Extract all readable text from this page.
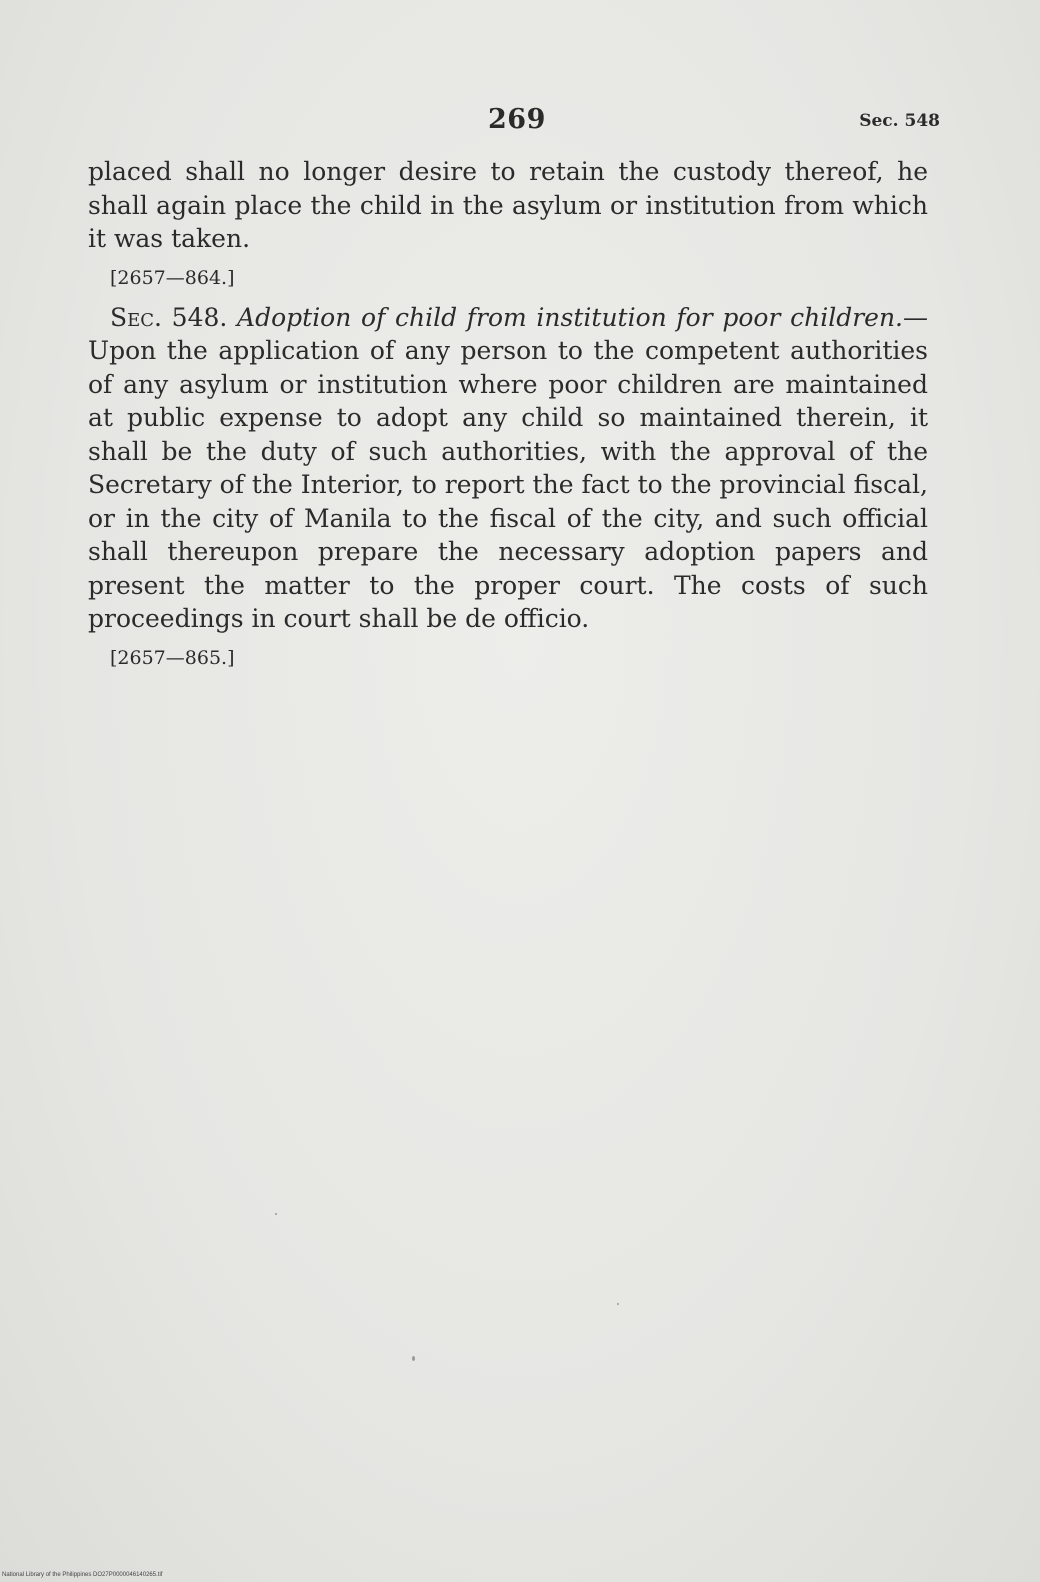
269	Sec. 548

placed shall no longer desire to retain the custody thereof, he shall again place the child in the asylum or institution from which it was taken.

[2657—864.]

Sec. 548. Adoption of child from institution for poor children.—Upon the application of any person to the competent authorities of any asylum or institution where poor children are maintained at public expense to adopt any child so maintained therein, it shall be the duty of such authorities, with the approval of the Secretary of the Interior, to report the fact to the provincial fiscal, or in the city of Manila to the fiscal of the city, and such official shall thereupon prepare the necessary adoption papers and present the matter to the proper court. The costs of such proceedings in court shall be de officio.

[2657—865.]

National Library of the Philippines DO27P0000046140265.tif
